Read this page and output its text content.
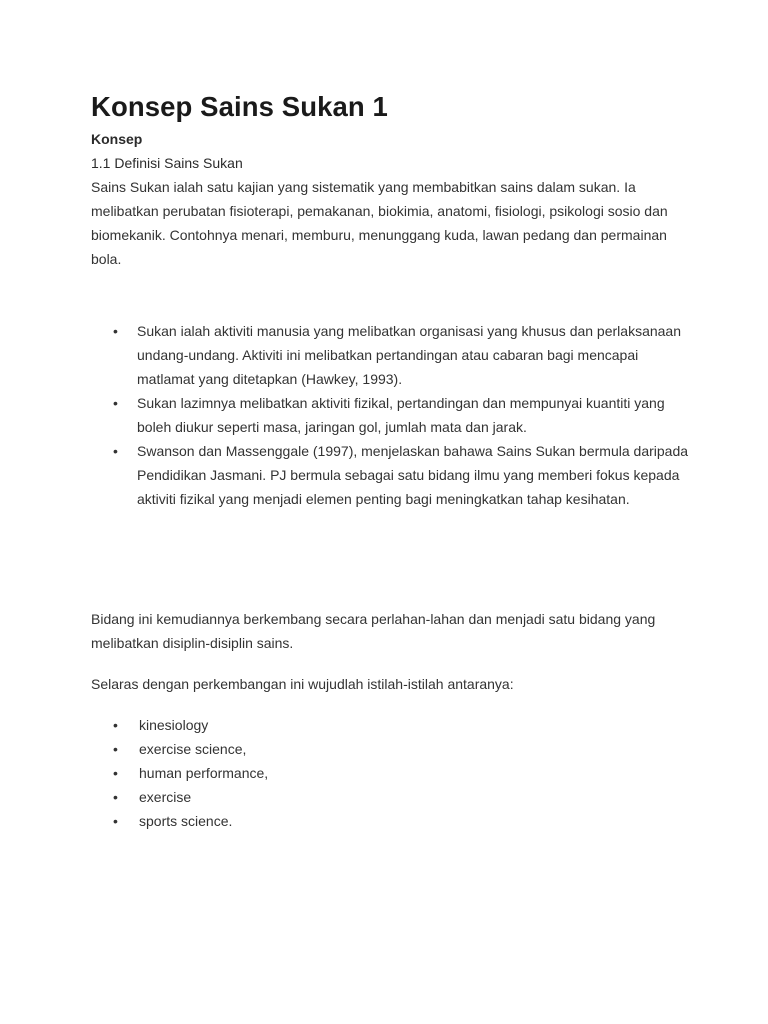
Konsep Sains Sukan 1
Konsep
1.1 Definisi Sains Sukan

Sains Sukan ialah satu kajian yang sistematik yang membabitkan sains dalam sukan. Ia melibatkan perubatan fisioterapi, pemakanan, biokimia, anatomi, fisiologi, psikologi sosio dan biomekanik. Contohnya menari, memburu, menunggang kuda, lawan pedang dan permainan bola.

• Sukan ialah aktiviti manusia yang melibatkan organisasi yang khusus dan perlaksanaan undang-undang. Aktiviti ini melibatkan pertandingan atau cabaran bagi mencapai matlamat yang ditetapkan (Hawkey, 1993).
• Sukan lazimnya melibatkan aktiviti fizikal, pertandingan dan mempunyai kuantiti yang boleh diukur seperti masa, jaringan gol, jumlah mata dan jarak.
• Swanson dan Massenggale (1997), menjelaskan bahawa Sains Sukan bermula daripada Pendidikan Jasmani. PJ bermula sebagai satu bidang ilmu yang memberi fokus kepada aktiviti fizikal yang menjadi elemen penting bagi meningkatkan tahap kesihatan.

Bidang ini kemudiannya berkembang secara perlahan-lahan dan menjadi satu bidang yang melibatkan disiplin-disiplin sains.

Selaras dengan perkembangan ini wujudlah istilah-istilah antaranya:

• kinesiology
• exercise science,
• human performance,
• exercise
• sports science.
